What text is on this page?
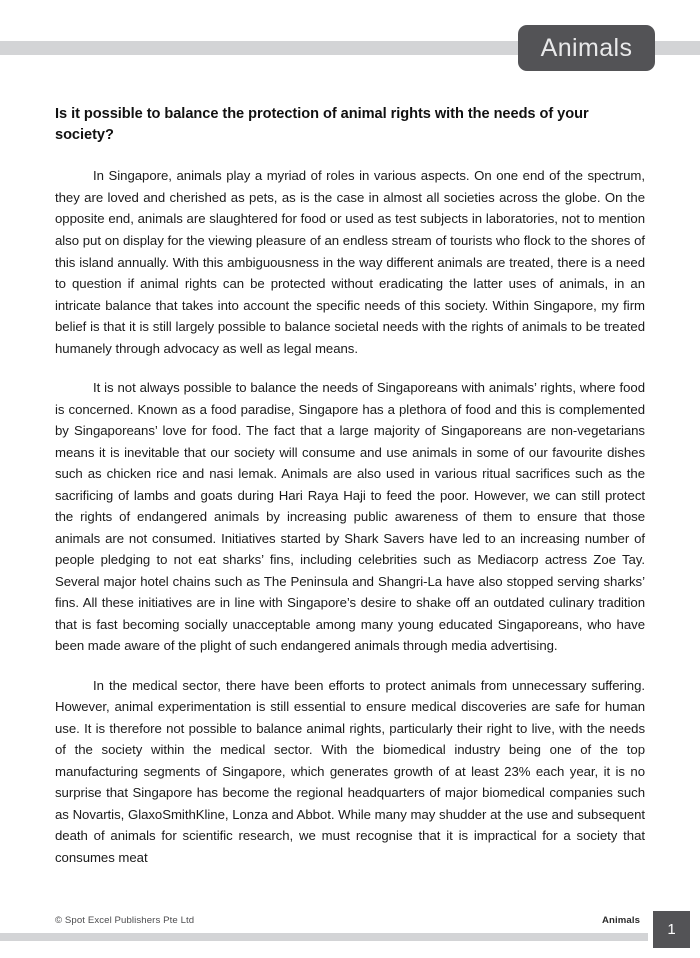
Animals
Is it possible to balance the protection of animal rights with the needs of your society?

In Singapore, animals play a myriad of roles in various aspects. On one end of the spectrum, they are loved and cherished as pets, as is the case in almost all societies across the globe. On the opposite end, animals are slaughtered for food or used as test subjects in laboratories, not to mention also put on display for the viewing pleasure of an endless stream of tourists who flock to the shores of this island annually. With this ambiguousness in the way different animals are treated, there is a need to question if animal rights can be protected without eradicating the latter uses of animals, in an intricate balance that takes into account the specific needs of this society. Within Singapore, my firm belief is that it is still largely possible to balance societal needs with the rights of animals to be treated humanely through advocacy as well as legal means.

It is not always possible to balance the needs of Singaporeans with animals’ rights, where food is concerned. Known as a food paradise, Singapore has a plethora of food and this is complemented by Singaporeans’ love for food. The fact that a large majority of Singaporeans are non-vegetarians means it is inevitable that our society will consume and use animals in some of our favourite dishes such as chicken rice and nasi lemak. Animals are also used in various ritual sacrifices such as the sacrificing of lambs and goats during Hari Raya Haji to feed the poor. However, we can still protect the rights of endangered animals by increasing public awareness of them to ensure that those animals are not consumed. Initiatives started by Shark Savers have led to an increasing number of people pledging to not eat sharks’ fins, including celebrities such as Mediacorp actress Zoe Tay. Several major hotel chains such as The Peninsula and Shangri-La have also stopped serving sharks’ fins. All these initiatives are in line with Singapore’s desire to shake off an outdated culinary tradition that is fast becoming socially unacceptable among many young educated Singaporeans, who have been made aware of the plight of such endangered animals through media advertising.

In the medical sector, there have been efforts to protect animals from unnecessary suffering. However, animal experimentation is still essential to ensure medical discoveries are safe for human use. It is therefore not possible to balance animal rights, particularly their right to live, with the needs of the society within the medical sector. With the biomedical industry being one of the top manufacturing segments of Singapore, which generates growth of at least 23% each year, it is no surprise that Singapore has become the regional headquarters of major biomedical companies such as Novartis, GlaxoSmithKline, Lonza and Abbot. While many may shudder at the use and subsequent death of animals for scientific research, we must recognise that it is impractical for a society that consumes meat

© Spot Excel Publishers Pte Ltd	Animals
1
